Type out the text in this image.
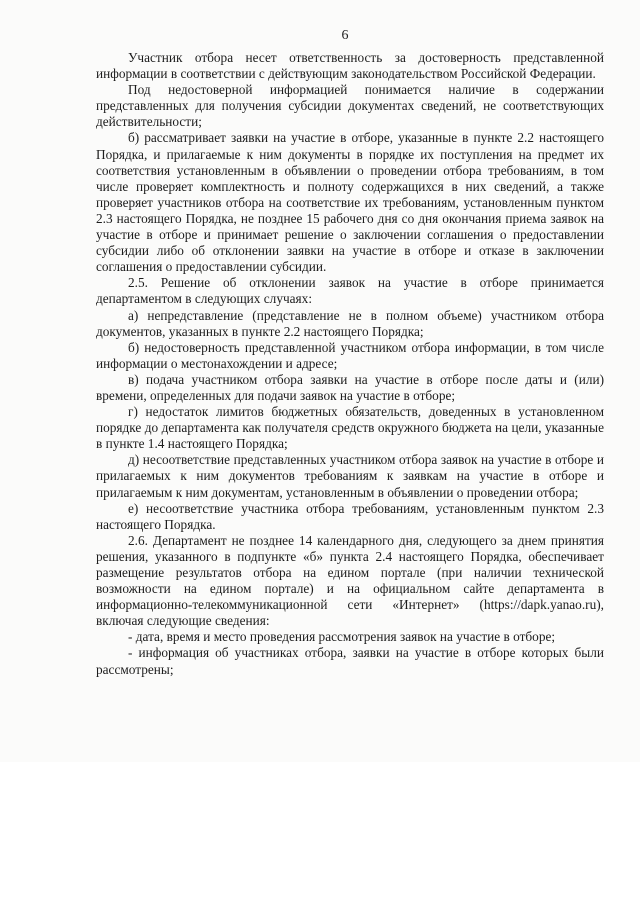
6

Участник отбора несет ответственность за достоверность представленной информации в соответствии с действующим законодательством Российской Федерации.

Под недостоверной информацией понимается наличие в содержании представленных для получения субсидии документах сведений, не соответствующих действительности;

б) рассматривает заявки на участие в отборе, указанные в пункте 2.2 настоящего Порядка, и прилагаемые к ним документы в порядке их поступления на предмет их соответствия установленным в объявлении о проведении отбора требованиям, в том числе проверяет комплектность и полноту содержащихся в них сведений, а также проверяет участников отбора на соответствие их требованиям, установленным пунктом 2.3 настоящего Порядка, не позднее 15 рабочего дня со дня окончания приема заявок на участие в отборе и принимает решение о заключении соглашения о предоставлении субсидии либо об отклонении заявки на участие в отборе и отказе в заключении соглашения о предоставлении субсидии.

2.5. Решение об отклонении заявок на участие в отборе принимается департаментом в следующих случаях:

а) непредставление (представление не в полном объеме) участником отбора документов, указанных в пункте 2.2 настоящего Порядка;

б) недостоверность представленной участником отбора информации, в том числе информации о местонахождении и адресе;

в) подача участником отбора заявки на участие в отборе после даты и (или) времени, определенных для подачи заявок на участие в отборе;

г) недостаток лимитов бюджетных обязательств, доведенных в установленном порядке до департамента как получателя средств окружного бюджета на цели, указанные в пункте 1.4 настоящего Порядка;

д) несоответствие представленных участником отбора заявок на участие в отборе и прилагаемых к ним документов требованиям к заявкам на участие в отборе и прилагаемым к ним документам, установленным в объявлении о проведении отбора;

е) несоответствие участника отбора требованиям, установленным пунктом 2.3 настоящего Порядка.

2.6. Департамент не позднее 14 календарного дня, следующего за днем принятия решения, указанного в подпункте «б» пункта 2.4 настоящего Порядка, обеспечивает размещение результатов отбора на едином портале (при наличии технической возможности на едином портале) и на официальном сайте департамента в информационно-телекоммуникационной сети «Интернет» (https://dapk.yanao.ru), включая следующие сведения:

- дата, время и место проведения рассмотрения заявок на участие в отборе;

- информация об участниках отбора, заявки на участие в отборе которых были рассмотрены;
